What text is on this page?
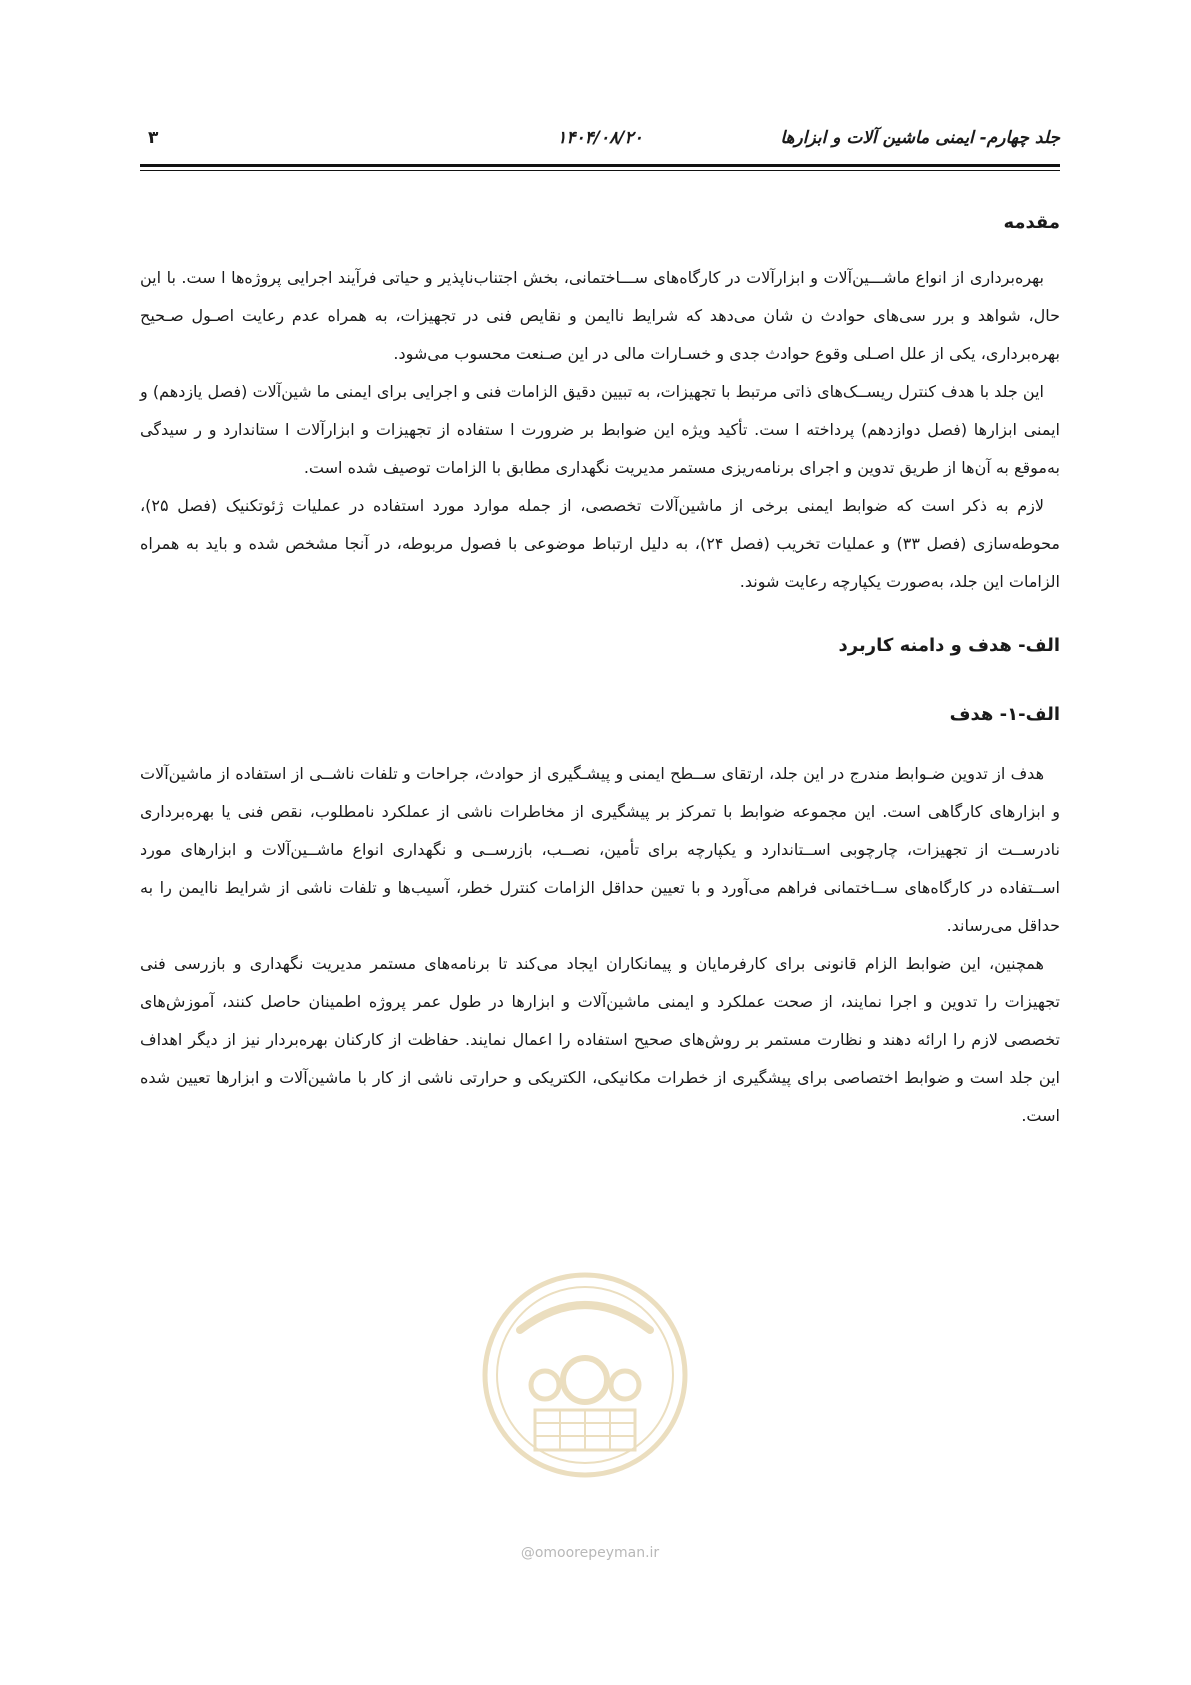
جلد چهارم- ایمنی ماشین آلات و ابزارها
۱۴۰۴/۰۸/۲۰
۳
مقدمه

بهره‌برداری از انواع ماشـــین‌آلات و ابزارآلات در کارگاه‌های ســـاختمانی، بخش اجتناب‌ناپذیر و حیاتی فرآیند اجرایی پروژه‌ها ا ست. با این حال، شواهد و برر سی‌های حوادث ن شان می‌دهد که شرایط ناایمن و نقایص فنی در تجهیزات، به همراه عدم رعایت اصـول صـحیح بهره‌برداری، یکی از علل اصـلی وقوع حوادث جدی و خسـارات مالی در این صـنعت محسوب می‌شود.

این جلد با هدف کنترل ریســک‌های ذاتی مرتبط با تجهیزات، به تبیین دقیق الزامات فنی و اجرایی برای ایمنی ما شین‌آلات (فصل یازدهم) و ایمنی ابزارها (فصل دوازدهم) پرداخته ا ست. تأکید ویژه این ضوابط بر ضرورت ا ستفاده از تجهیزات و ابزارآلات ا ستاندارد و ر سیدگی به‌موقع به آن‌ها از طریق تدوین و اجرای برنامه‌ریزی مستمر مدیریت نگهداری مطابق با الزامات توصیف شده است.

لازم به ذکر است که ضوابط ایمنی برخی از ماشین‌آلات تخصصی، از جمله موارد مورد استفاده در عملیات ژئوتکنیک (فصل ۲۵)، محوطه‌سازی (فصل ۳۳) و عملیات تخریب (فصل ۲۴)، به دلیل ارتباط موضوعی با فصول مربوطه، در آنجا مشخص شده و باید به همراه الزامات این جلد، به‌صورت یکپارچه رعایت شوند.

الف- هدف و دامنه کاربرد
الف-۱- هدف

هدف از تدوین ضـوابط مندرج در این جلد، ارتقای ســطح ایمنی و پیشـگیری از حوادث، جراحات و تلفات ناشــی از استفاده از ماشین‌آلات و ابزارهای کارگاهی است. این مجموعه ضوابط با تمرکز بر پیشگیری از مخاطرات ناشی از عملکرد نامطلوب، نقص فنی یا بهره‌برداری نادرســت از تجهیزات، چارچوبی اســتاندارد و یکپارچه برای تأمین، نصــب، بازرســی و نگهداری انواع ماشــین‌آلات و ابزارهای مورد اســتفاده در کارگاه‌های ســاختمانی فراهم می‌آورد و با تعیین حداقل الزامات کنترل خطر، آسیب‌ها و تلفات ناشی از شرایط ناایمن را به حداقل می‌رساند.

همچنین، این ضوابط الزام قانونی برای کارفرمایان و پیمانکاران ایجاد می‌کند تا برنامه‌های مستمر مدیریت نگهداری و بازرسی فنی تجهیزات را تدوین و اجرا نمایند، از صحت عملکرد و ایمنی ماشین‌آلات و ابزارها در طول عمر پروژه اطمینان حاصل کنند، آموزش‌های تخصصی لازم را ارائه دهند و نظارت مستمر بر روش‌های صحیح استفاده را اعمال نمایند. حفاظت از کارکنان بهره‌بردار نیز از دیگر اهداف این جلد است و ضوابط اختصاصی برای پیشگیری از خطرات مکانیکی، الکتریکی و حرارتی ناشی از کار با ماشین‌آلات و ابزارها تعیین شده است.

@omoorepeyman.ir
